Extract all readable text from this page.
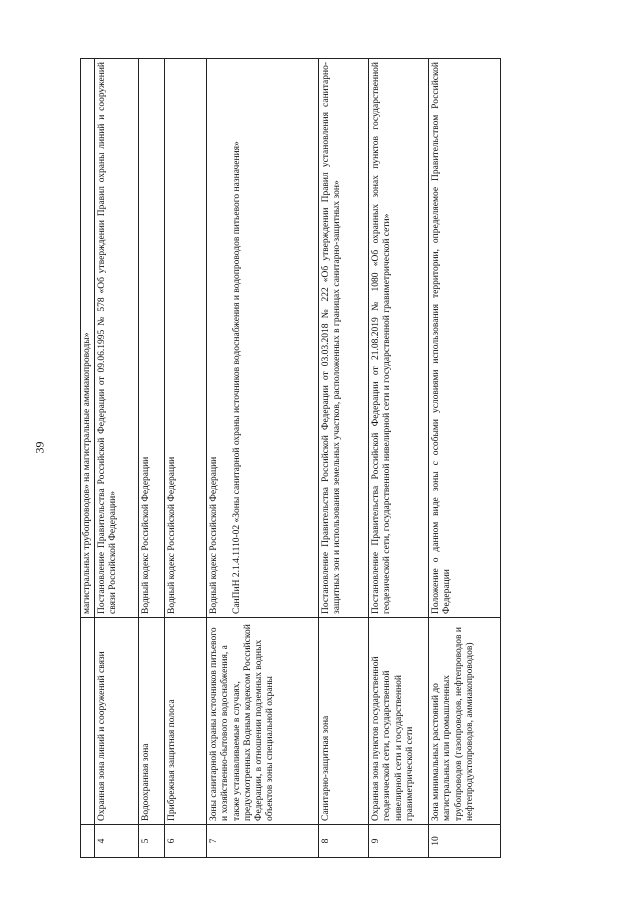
39
			магистральных трубопроводов» на магистральные аммиакопроводы»
4	Охранная зона линий и сооружений связи	Постановление Правительства Российской Федерации от 09.06.1995 № 578 «Об утверждении Правил охраны линий и сооружений связи Российской Федерации»
5	Водоохранная зона	Водный кодекс Российской Федерации
6	Прибрежная защитная полоса	Водный кодекс Российской Федерации
7	Зоны санитарной охраны источников питьевого и хозяйственно-бытового водоснабжения, а также устанавливаемые в случаях, предусмотренных Водным кодексом Российской Федерации, в отношении подземных водных объектов зоны специальной охраны	Водный кодекс Российской Федерации СанПиН 2.1.4.1110-02 «Зоны санитарной охраны источников водоснабжения и водопроводов питьевого назначения»
8	Санитарно-защитная зона	Постановление Правительства Российской Федерации от 03.03.2018 № 222 «Об утверждении Правил установления санитарно-защитных зон и использования земельных участков, расположенных в границах санитарно-защитных зон»
9	Охранная зона пунктов государственной геодезической сети, государственной нивелирной сети и государственной гравиметрической сети	Постановление Правительства Российской Федерации от 21.08.2019 № 1080 «Об охранных зонах пунктов государственной геодезической сети, государственной нивелирной сети и государственной гравиметрической сети»
10	Зона минимальных расстояний до магистральных или промышленных трубопроводов (газопроводов, нефтепроводов и нефтепродуктопроводов, аммиакопроводов)	Положение о данном виде зоны с особыми условиями использования территории, определяемое Правительством Российской Федерации
